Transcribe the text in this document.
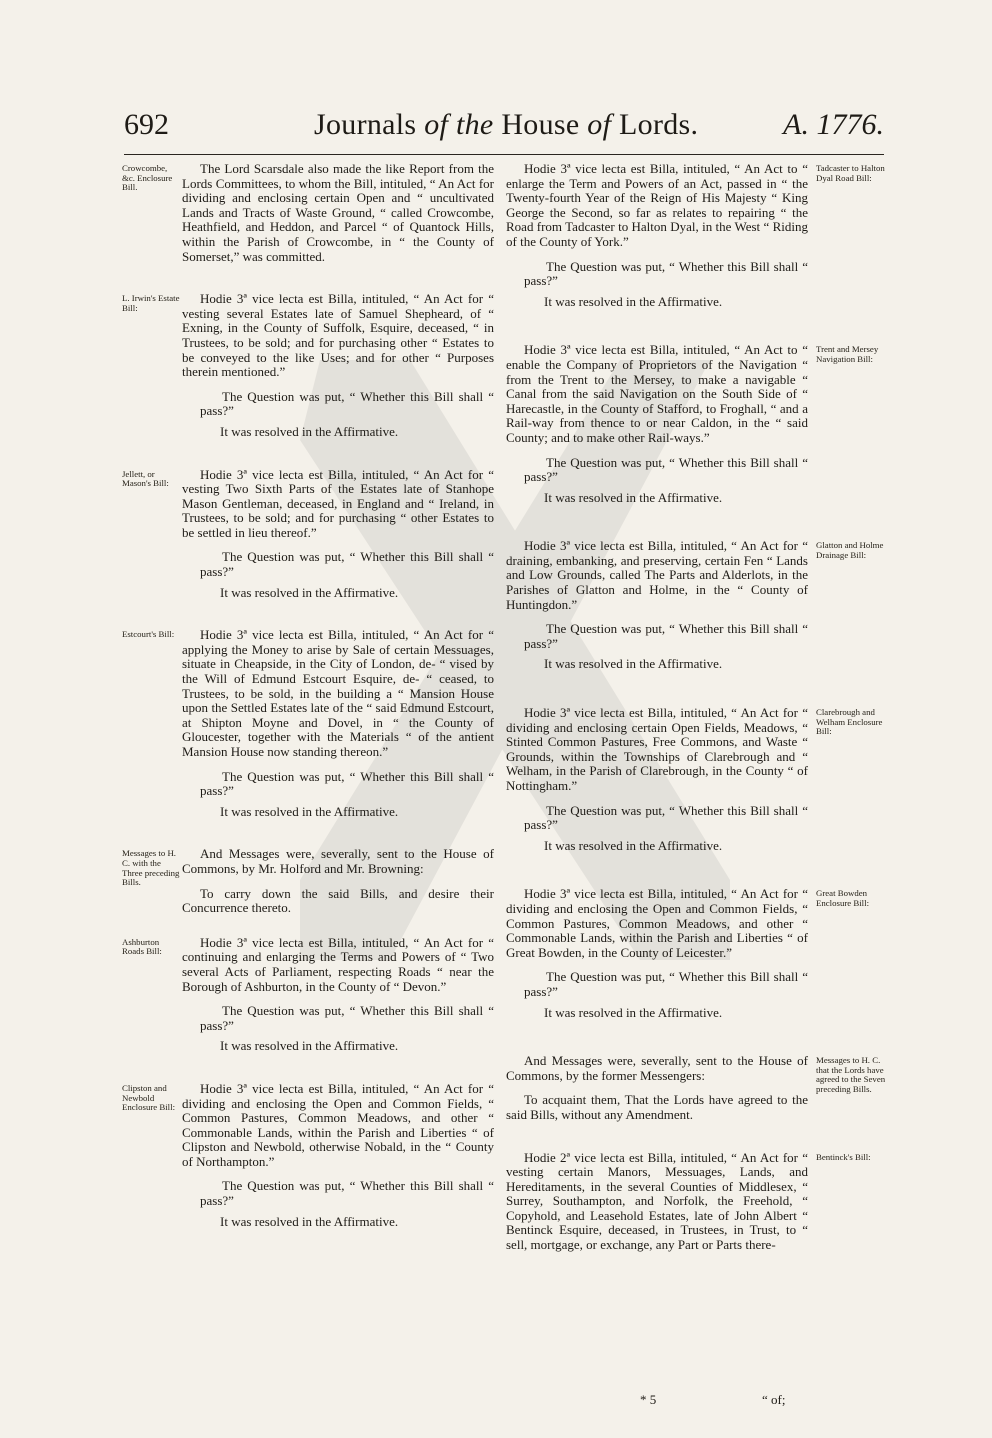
692	Journals of the House of Lords.	A. 1776.
Crowcombe, &c. Enclosure Bill.

The Lord Scarsdale also made the like Report from the Lords Committees, to whom the Bill, intituled, “ An Act for dividing and enclosing certain Open and “ uncultivated Lands and Tracts of Waste Ground, “ called Crowcombe, Heathfield, and Heddon, and Parcel “ of Quantock Hills, within the Parish of Crowcombe, in “ the County of Somerset,” was committed.

L. Irwin's Estate Bill:

Hodie 3ª vice lecta est Billa, intituled, “ An Act for “ vesting several Estates late of Samuel Shepheard, of “ Exning, in the County of Suffolk, Esquire, deceased, “ in Trustees, to be sold; and for purchasing other “ Estates to be conveyed to the like Uses; and for other “ Purposes therein mentioned.”

The Question was put, “ Whether this Bill shall “ pass?”

It was resolved in the Affirmative.

Jellett, or Mason's Bill:

Hodie 3ª vice lecta est Billa, intituled, “ An Act for “ vesting Two Sixth Parts of the Estates late of Stanhope Mason Gentleman, deceased, in England and “ Ireland, in Trustees, to be sold; and for purchasing “ other Estates to be settled in lieu thereof.”

The Question was put, “ Whether this Bill shall “ pass?”

It was resolved in the Affirmative.

Estcourt's Bill:	Hodie 3ª vice lecta est Billa, intituled, “ An Act for “ applying the Money to arise by Sale of certain Messuages, situate in Cheapside, in the City of London, de- “ vised by the Will of Edmund Estcourt Esquire, de- “ ceased, to Trustees, to be sold, in the building a “ Mansion House upon the Settled Estates late of the “ said Edmund Estcourt, at Shipton Moyne and Dovel, in “ the County of Gloucester, together with the Materials “ of the antient Mansion House now standing thereon.”

The Question was put, “ Whether this Bill shall “ pass?”

It was resolved in the Affirmative.

Messages to H. C. with the Three preceding Bills.

And Messages were, severally, sent to the House of Commons, by Mr. Holford and Mr. Browning:

To carry down the said Bills, and desire their Concurrence thereto.

Ashburton Roads Bill:

Hodie 3ª vice lecta est Billa, intituled, “ An Act for “ continuing and enlarging the Terms and Powers of “ Two several Acts of Parliament, respecting Roads “ near the Borough of Ashburton, in the County of “ Devon.”

The Question was put, “ Whether this Bill shall “ pass?”

It was resolved in the Affirmative.

Clipston and Newbold Enclosure Bill:

Hodie 3ª vice lecta est Billa, intituled, “ An Act for “ dividing and enclosing the Open and Common Fields, “ Common Pastures, Common Meadows, and other “ Commonable Lands, within the Parish and Liberties “ of Clipston and Newbold, otherwise Nobald, in the “ County of Northampton.”

The Question was put, “ Whether this Bill shall “ pass?”

It was resolved in the Affirmative.

Tadcaster to Halton Dyal Road Bill:

Hodie 3ª vice lecta est Billa, intituled, “ An Act to “ enlarge the Term and Powers of an Act, passed in “ the Twenty-fourth Year of the Reign of His Majesty “ King George the Second, so far as relates to repairing “ the Road from Tadcaster to Halton Dyal, in the West “ Riding of the County of York.”

The Question was put, “ Whether this Bill shall “ pass?”

It was resolved in the Affirmative.

Trent and Mersey Navigation Bill:

Hodie 3ª vice lecta est Billa, intituled, “ An Act to “ enable the Company of Proprietors of the Navigation “ from the Trent to the Mersey, to make a navigable “ Canal from the said Navigation on the South Side of “ Harecastle, in the County of Stafford, to Froghall, “ and a Rail-way from thence to or near Caldon, in the “ said County; and to make other Rail-ways.”

The Question was put, “ Whether this Bill shall “ pass?”

It was resolved in the Affirmative.

Glatton and Holme Drainage Bill:

Hodie 3ª vice lecta est Billa, intituled, “ An Act for “ draining, embanking, and preserving, certain Fen “ Lands and Low Grounds, called The Parts and Alderlots, in the Parishes of Glatton and Holme, in the “ County of Huntingdon.”

The Question was put, “ Whether this Bill shall “ pass?”

It was resolved in the Affirmative.

Clarebrough and Welham Enclosure Bill:

Hodie 3ª vice lecta est Billa, intituled, “ An Act for “ dividing and enclosing certain Open Fields, Meadows, “ Stinted Common Pastures, Free Commons, and Waste “ Grounds, within the Townships of Clarebrough and “ Welham, in the Parish of Clarebrough, in the County “ of Nottingham.”

The Question was put, “ Whether this Bill shall “ pass?”

It was resolved in the Affirmative.

Great Bowden Enclosure Bill:

Hodie 3ª vice lecta est Billa, intituled, “ An Act for “ dividing and enclosing the Open and Common Fields, “ Common Pastures, Common Meadows, and other “ Commonable Lands, within the Parish and Liberties “ of Great Bowden, in the County of Leicester.”

The Question was put, “ Whether this Bill shall “ pass?”

It was resolved in the Affirmative.

Messages to H. C. that the Lords have agreed to the Seven preceding Bills.

And Messages were, severally, sent to the House of Commons, by the former Messengers:

To acquaint them, That the Lords have agreed to the said Bills, without any Amendment.

Bentinck's Bill:

Hodie 2ª vice lecta est Billa, intituled, “ An Act for “ vesting certain Manors, Messuages, Lands, and Hereditaments, in the several Counties of Middlesex, “ Surrey, Southampton, and Norfolk, the Freehold, “ Copyhold, and Leasehold Estates, late of John Albert “ Bentinck Esquire, deceased, in Trustees, in Trust, to “ sell, mortgage, or exchange, any Part or Parts there-

* 5	“ of;
